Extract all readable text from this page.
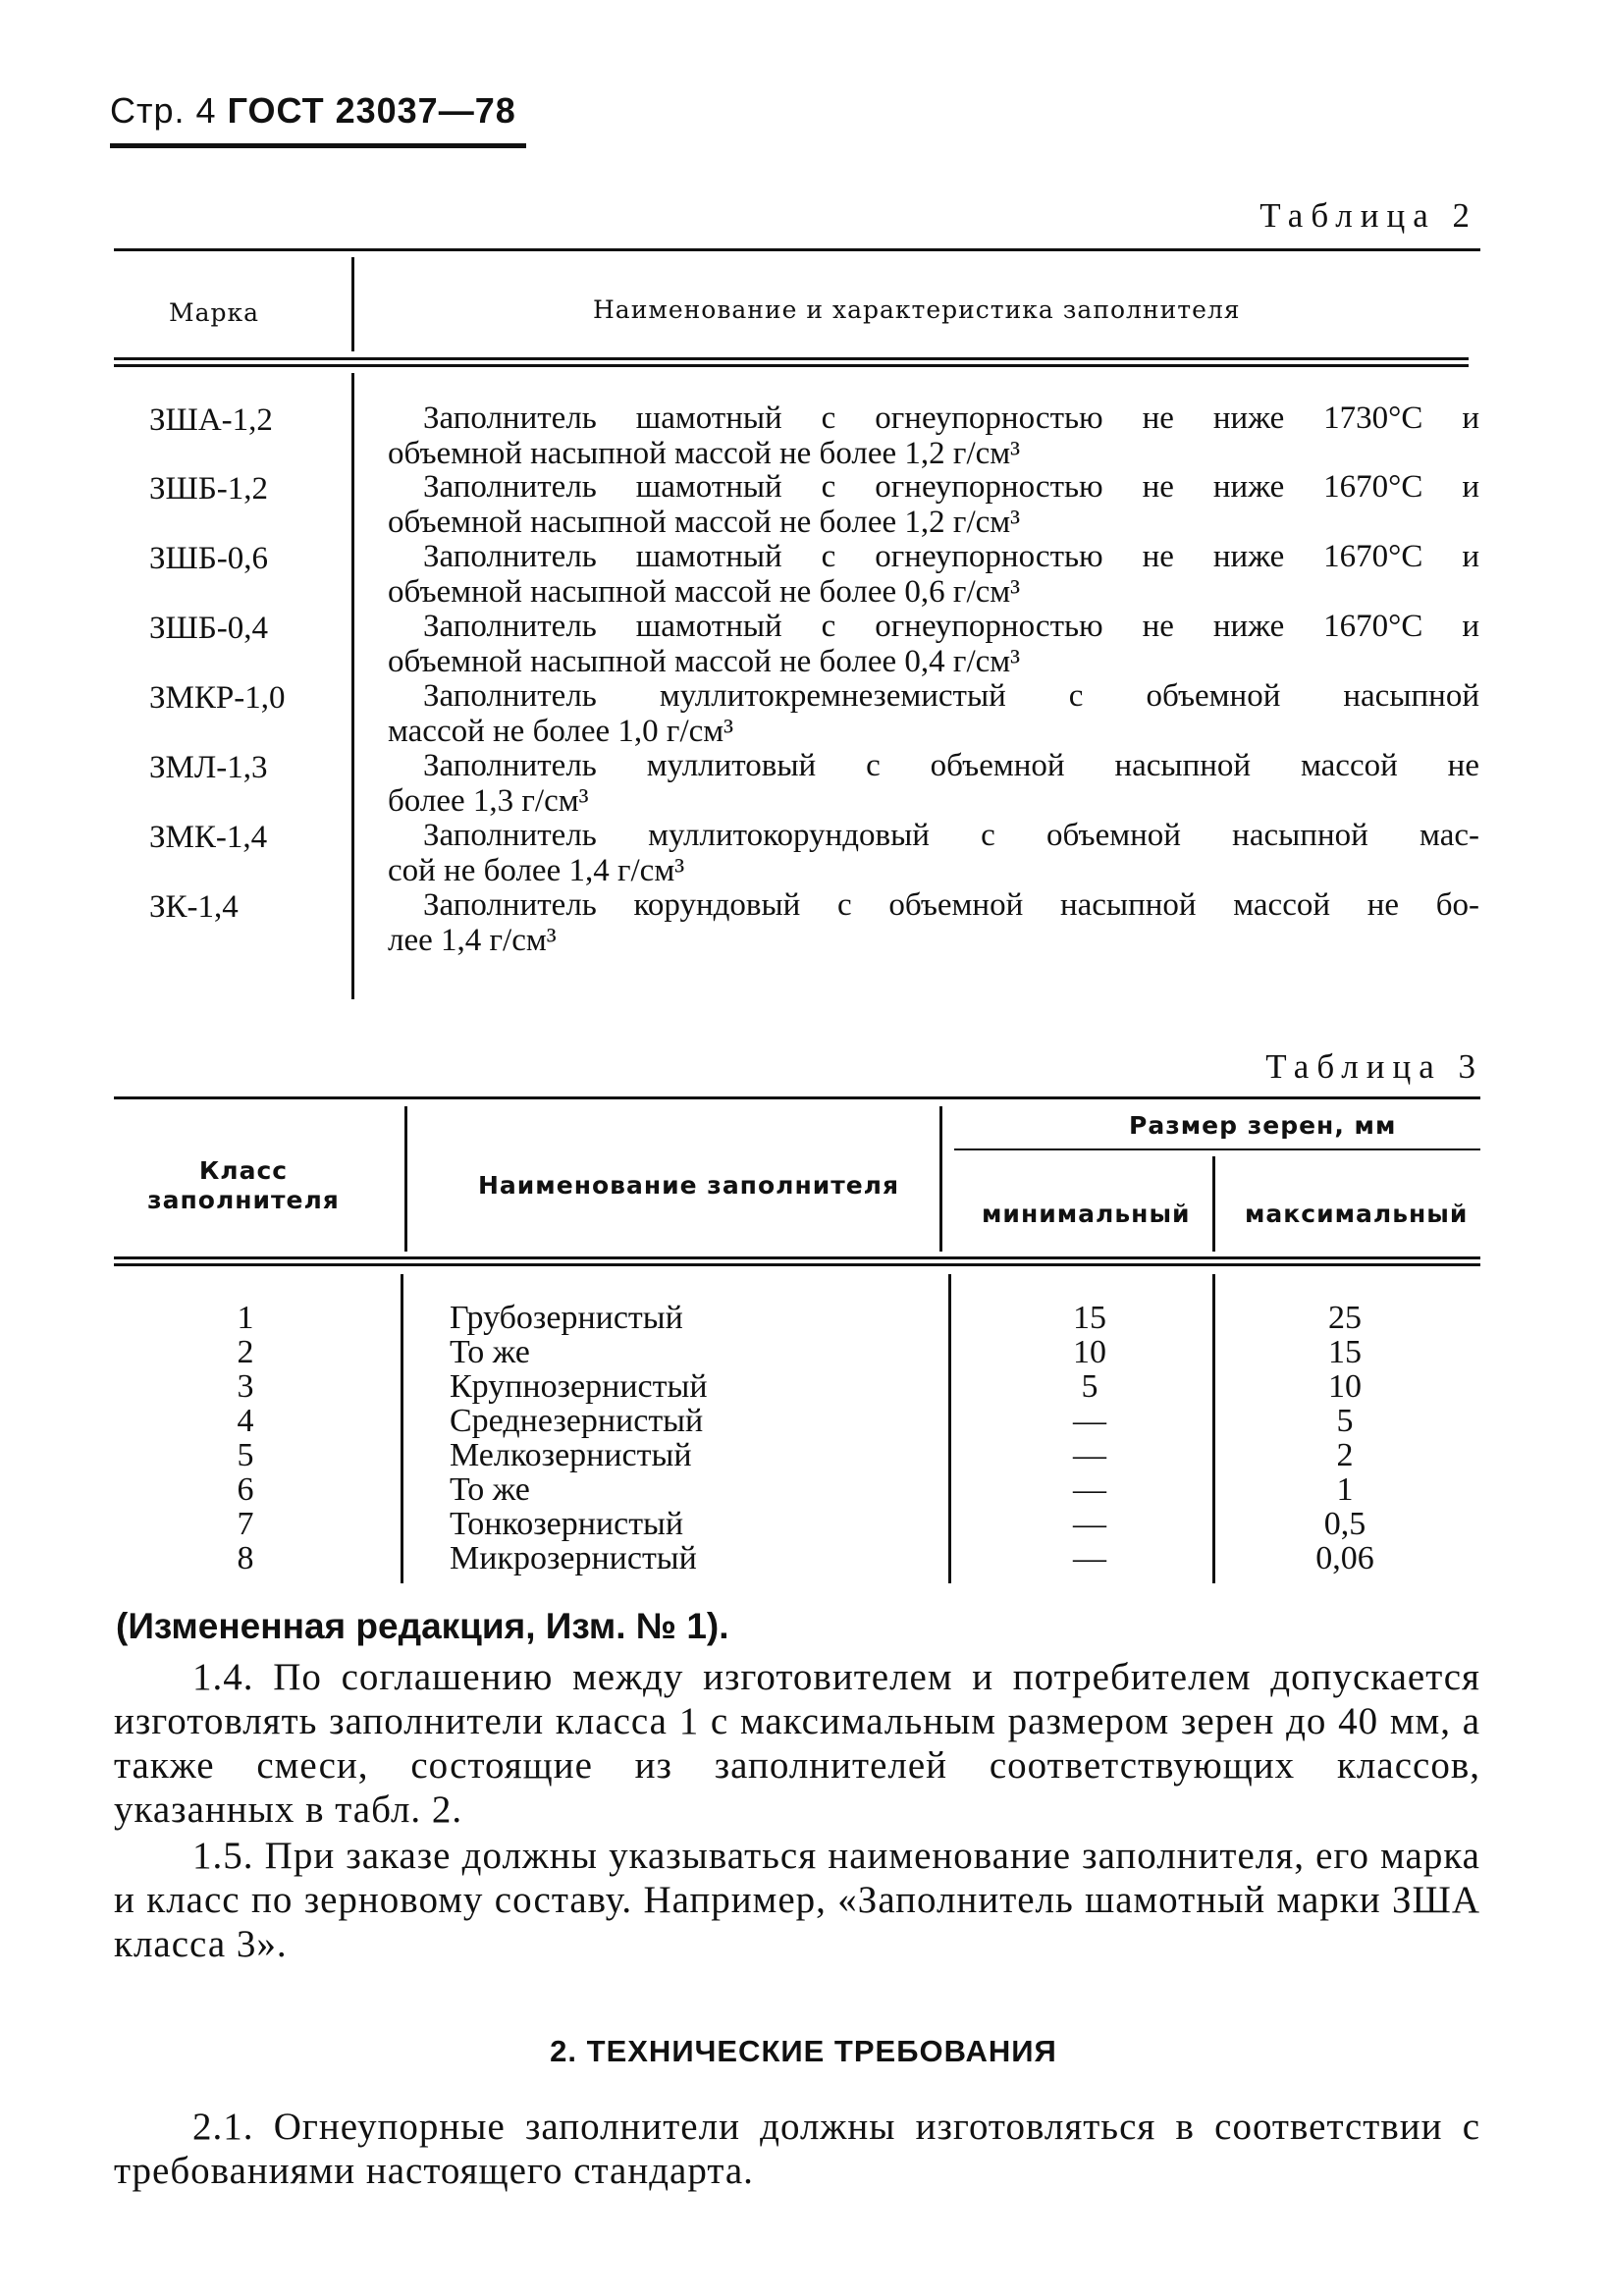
Стр. 4 ГОСТ 23037—78
Таблица 2
Марка	Наименование и характеристика заполнителя
ЗША-1,2	Заполнитель шамотный с огнеупорностью не ниже 1730°С и
объемной насыпной массой не более 1,2 г/см³
ЗШБ-1,2	Заполнитель шамотный с огнеупорностью не ниже 1670°С и
объемной насыпной массой не более 1,2 г/см³
ЗШБ-0,6	Заполнитель шамотный с огнеупорностью не ниже 1670°С и
объемной насыпной массой не более 0,6 г/см³
ЗШБ-0,4	Заполнитель шамотный с огнеупорностью не ниже 1670°С и
объемной насыпной массой не более 0,4 г/см³
ЗМКР-1,0	Заполнитель муллитокремнеземистый с объемной насыпной
массой не более 1,0 г/см³
ЗМЛ-1,3	Заполнитель муллитовый с объемной насыпной массой не
более 1,3 г/см³
ЗМК-1,4	Заполнитель муллитокорундовый с объемной насыпной мас-
сой не более 1,4 г/см³
ЗК-1,4	Заполнитель корундовый с объемной насыпной массой не бо-
лее 1,4 г/см³
Таблица 3
Класс
заполнителя
Наименование заполнителя
Размер зерен, мм
минимальный максимальный
1	Грубозернистый	15	25
2	То же	10	15
3	Крупнозернистый	5	10
4	Среднезернистый	—	5
5	Мелкозернистый	—	2
6	То же	—	1
7	Тонкозернистый	—	0,5
8	Микрозернистый	—	0,06
(Измененная редакция, Изм. № 1).
1.4. По соглашению между изготовителем и потребителем допускается изготовлять заполнители класса 1 с максимальным размером зерен до 40 мм, а также смеси, состоящие из заполнителей соответствующих классов, указанных в табл. 2.
1.5. При заказе должны указываться наименование заполнителя, его марка и класс по зерновому составу. Например, «Заполнитель шамотный марки ЗША класса 3».
2. ТЕХНИЧЕСКИЕ ТРЕБОВАНИЯ
2.1. Огнеупорные заполнители должны изготовляться в соответствии с требованиями настоящего стандарта.
